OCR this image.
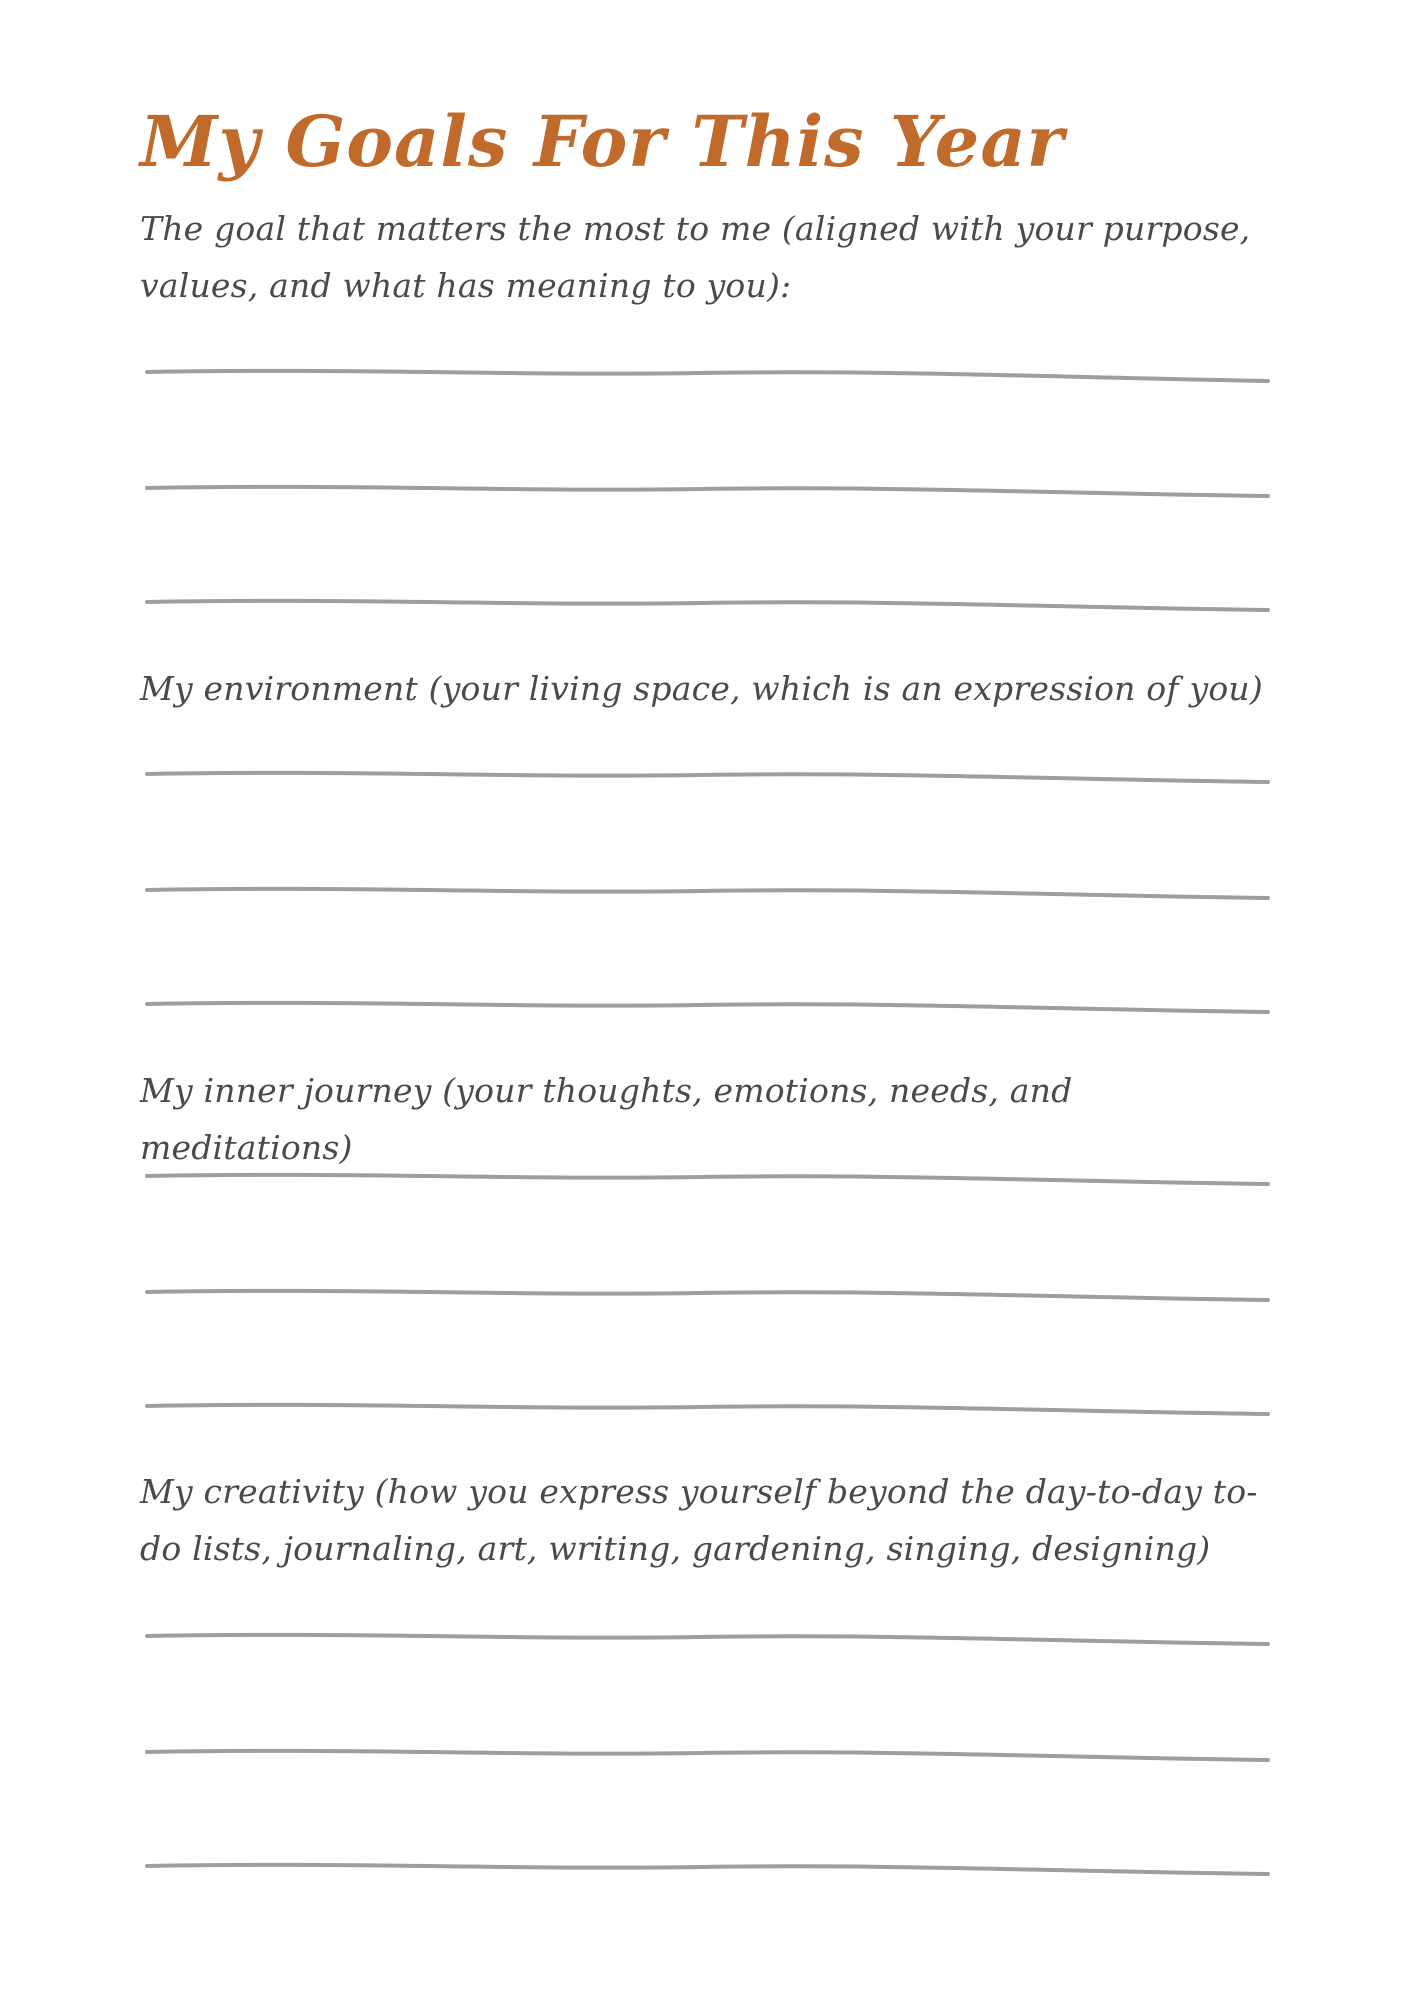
My Goals For This Year

The goal that matters the most to me (aligned with your purpose, values, and what has meaning to you):

My environment (your living space, which is an expression of you)

My inner journey (your thoughts, emotions, needs, and meditations)

My creativity (how you express yourself beyond the day-to-day to-do lists, journaling, art, writing, gardening, singing, designing)
